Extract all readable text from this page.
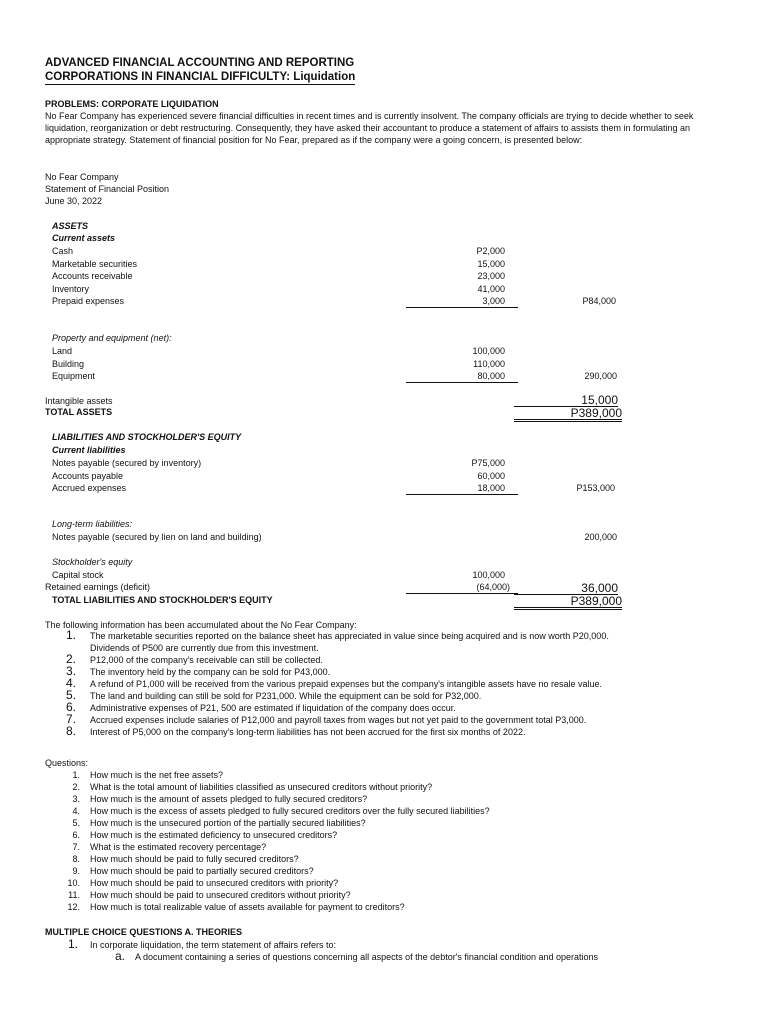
ADVANCED FINANCIAL ACCOUNTING AND REPORTING
CORPORATIONS IN FINANCIAL DIFFICULTY: Liquidation
PROBLEMS: CORPORATE LIQUIDATION
No Fear Company has experienced severe financial difficulties in recent times and is currently insolvent. The company officials are trying to decide whether to seek liquidation, reorganization or debt restructuring. Consequently, they have asked their accountant to produce a statement of affairs to assists them in formulating an appropriate strategy. Statement of financial position for No Fear, prepared as if the company were a going concern, is presented below:
No Fear Company
Statement of Financial Position
June 30, 2022
ASSETS
Current assets
Cash	P2,000
Marketable securities	15,000
Accounts receivable	23,000
Inventory	41,000
Prepaid expenses	3,000	P84,000
Property and equipment (net):
Land	100,000
Building	110,000
Equipment	80,000	290,000
Intangible assets	15,000
TOTAL ASSETS	P389,000
LIABILITIES AND STOCKHOLDER'S EQUITY
Current liabilities
Notes payable (secured by inventory)	P75,000
Accounts payable	60,000
Accrued expenses	18,000	P153,000
Long-term liabilities:
Notes payable (secured by lien on land and building)	200,000
Stockholder's equity
Capital stock	100,000
Retained earnings (deficit)	(64,000)	36,000
TOTAL LIABILITIES AND STOCKHOLDER'S EQUITY	P389,000
The following information has been accumulated about the No Fear Company:
1. The marketable securities reported on the balance sheet has appreciated in value since being acquired and is now worth P20,000.
Dividends of P500 are currently due from this investment.
2. P12,000 of the company's receivable can still be collected.
3. The inventory held by the company can be sold for P43,000.
4. A refund of P1,000 will be received from the various prepaid expenses but the company's intangible assets have no resale value.
5. The land and building can still be sold for P231,000. While the equipment can be sold for P32,000.
6. Administrative expenses of P21, 500 are estimated if liquidation of the company does occur.
7. Accrued expenses include salaries of P12,000 and payroll taxes from wages but not yet paid to the government total P3,000.
8. Interest of P5,000 on the company's long-term liabilities has not been accrued for the first six months of 2022.
Questions:
1. How much is the net free assets?
2. What is the total amount of liabilities classified as unsecured creditors without priority?
3. How much is the amount of assets pledged to fully secured creditors?
4. How much is the excess of assets pledged to fully secured creditors over the fully secured liabilities?
5. How much is the unsecured portion of the partially secured liabilities?
6. How much is the estimated deficiency to unsecured creditors?
7. What is the estimated recovery percentage?
8. How much should be paid to fully secured creditors?
9. How much should be paid to partially secured creditors?
10. How much should be paid to unsecured creditors with priority?
11. How much should be paid to unsecured creditors without priority?
12. How much is total realizable value of assets available for payment to creditors?
MULTIPLE CHOICE QUESTIONS A. THEORIES
1. In corporate liquidation, the term statement of affairs refers to:
a. A document containing a series of questions concerning all aspects of the debtor's financial condition and operations
